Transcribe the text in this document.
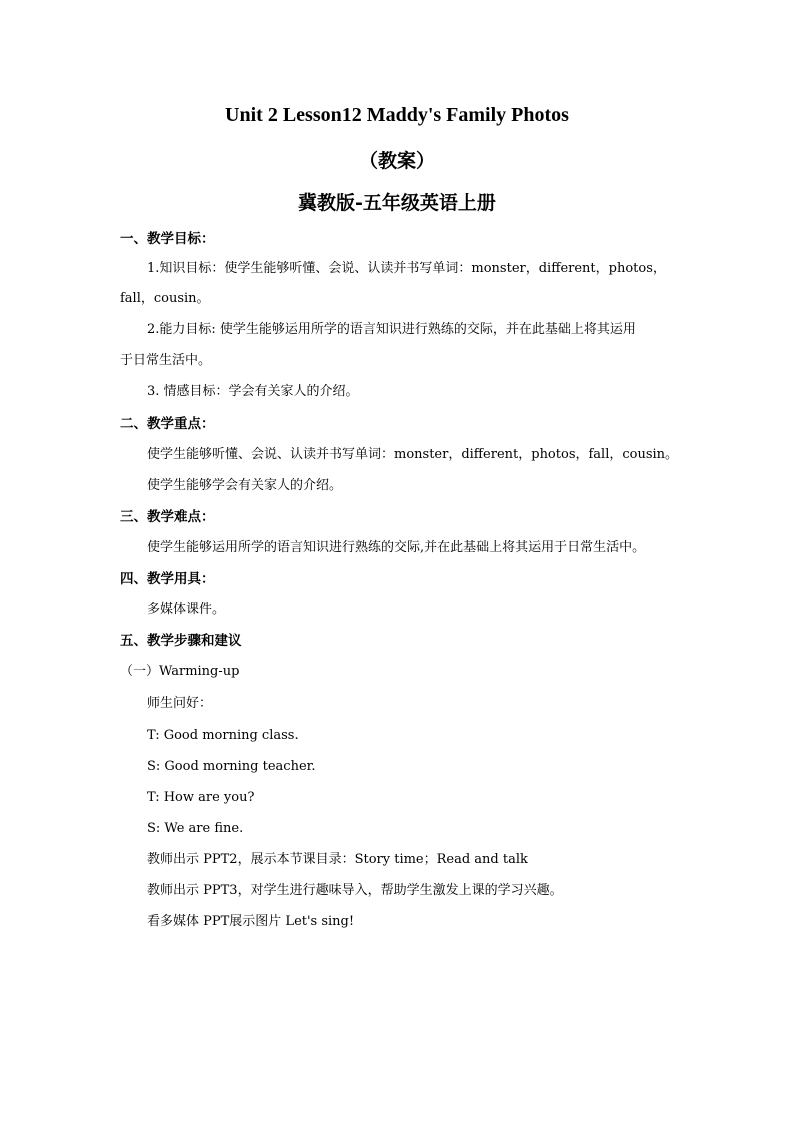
Unit 2 Lesson12 Maddy's Family Photos
（教案）
冀教版-五年级英语上册
一、教学目标：
1.知识目标：使学生能够听懂、会说、认读并书写单词：monster，different，photos，
fall，cousin。
2.能力目标: 使学生能够运用所学的语言知识进行熟练的交际，并在此基础上将其运用
于日常生活中。
3. 情感目标：学会有关家人的介绍。
二、教学重点：
使学生能够听懂、会说、认读并书写单词：monster，different，photos，fall，cousin。
使学生能够学会有关家人的介绍。
三、教学难点：
使学生能够运用所学的语言知识进行熟练的交际,并在此基础上将其运用于日常生活中。
四、教学用具：
多媒体课件。
五、教学步骤和建议
（一）Warming-up
师生问好：
T: Good morning class.
S: Good morning teacher.
T: How are you?
S: We are fine.
教师出示 PPT2，展示本节课目录：Story time；Read and talk
教师出示 PPT3，对学生进行趣味导入，帮助学生激发上课的学习兴趣。
看多媒体 PPT展示图片 Let's sing!
